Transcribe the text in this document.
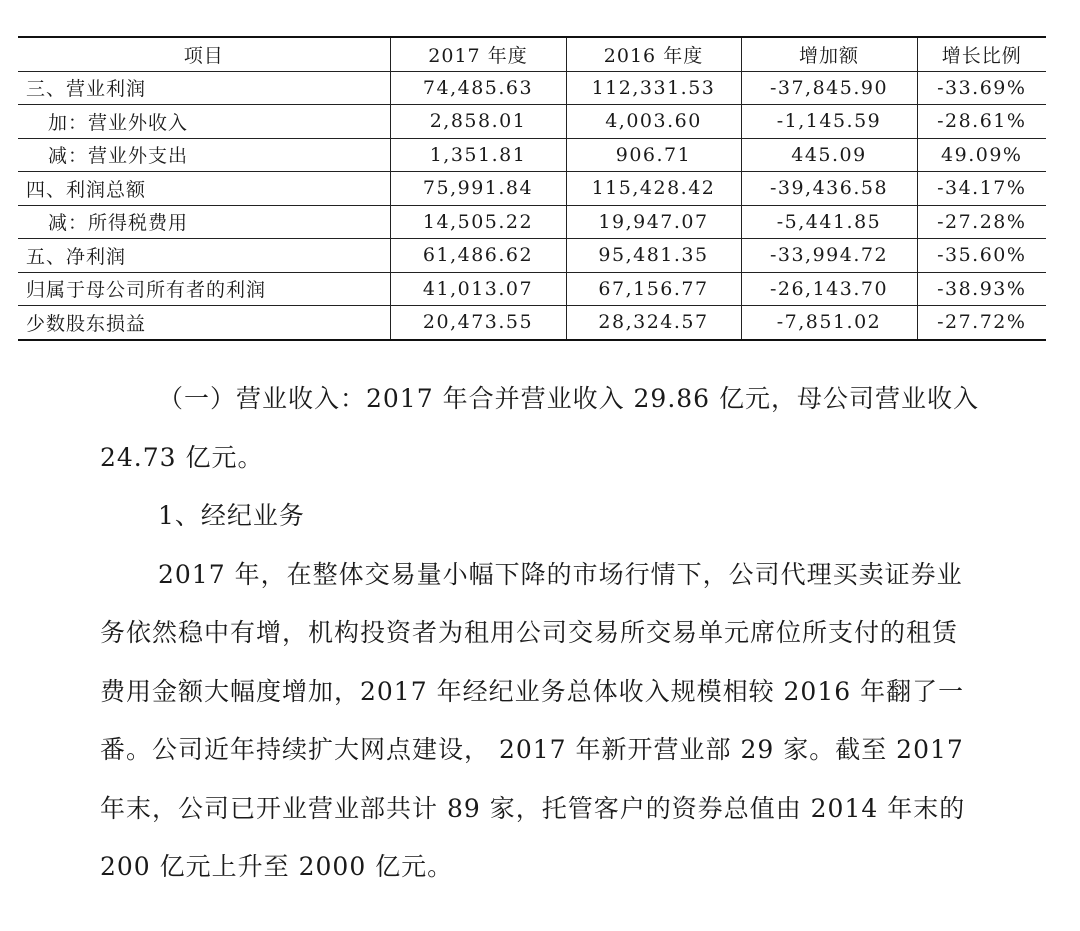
项目	2017 年度	2016 年度	增加额	增长比例
三、营业利润	74,485.63	112,331.53	-37,845.90	-33.69%
加：营业外收入	2,858.01	4,003.60	-1,145.59	-28.61%
减：营业外支出	1,351.81	906.71	445.09	49.09%
四、利润总额	75,991.84	115,428.42	-39,436.58	-34.17%
减：所得税费用	14,505.22	19,947.07	-5,441.85	-27.28%
五、净利润	61,486.62	95,481.35	-33,994.72	-35.60%
归属于母公司所有者的利润	41,013.07	67,156.77	-26,143.70	-38.93%
少数股东损益	20,473.55	28,324.57	-7,851.02	-27.72%

（一）营业收入：2017 年合并营业收入 29.86 亿元，母公司营业收入 24.73 亿元。

1、经纪业务

2017 年，在整体交易量小幅下降的市场行情下，公司代理买卖证券业务依然稳中有增，机构投资者为租用公司交易所交易单元席位所支付的租赁费用金额大幅度增加，2017 年经纪业务总体收入规模相较 2016 年翻了一番。公司近年持续扩大网点建设， 2017 年新开营业部 29 家。截至 2017 年末，公司已开业营业部共计 89 家，托管客户的资券总值由 2014 年末的 200 亿元上升至 2000 亿元。
